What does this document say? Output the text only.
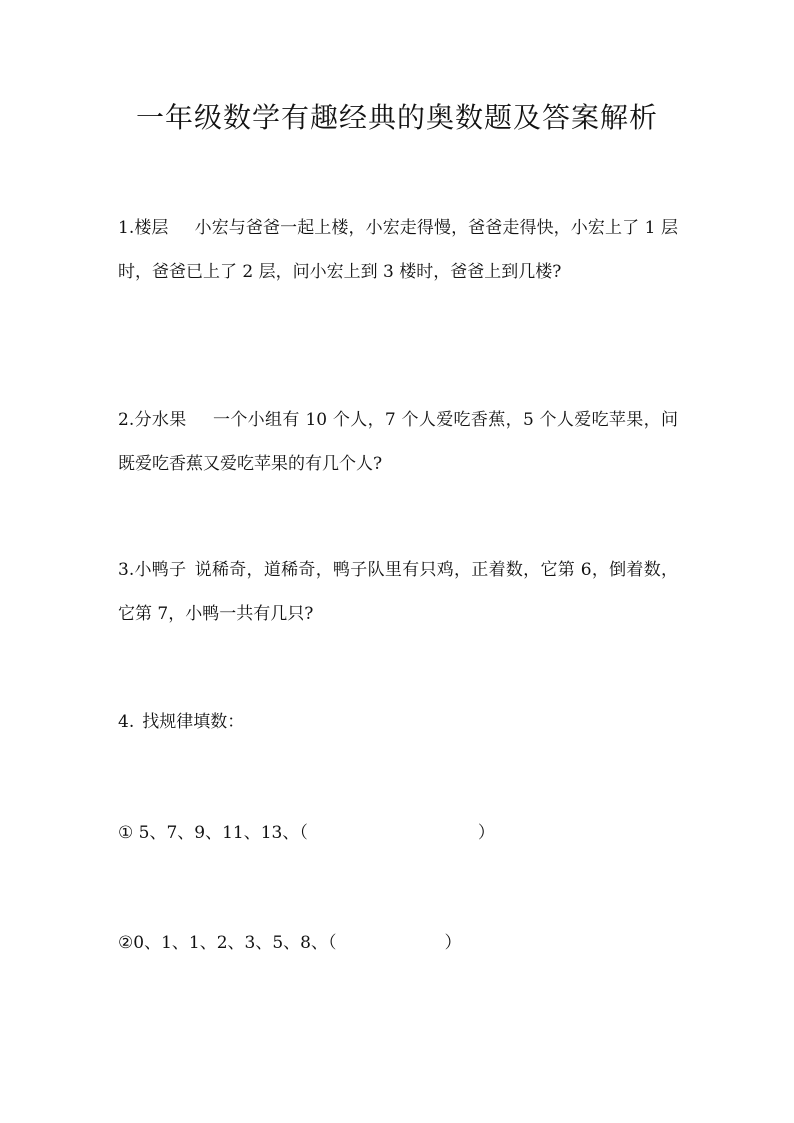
一年级数学有趣经典的奥数题及答案解析

1.楼层 小宏与爸爸一起上楼，小宏走得慢，爸爸走得快，小宏上了 1 层时，爸爸已上了 2 层，问小宏上到 3 楼时，爸爸上到几楼?

2.分水果 一个小组有 10 个人，7 个人爱吃香蕉，5 个人爱吃苹果，问既爱吃香蕉又爱吃苹果的有几个人?

3.小鸭子 说稀奇，道稀奇，鸭子队里有只鸡，正着数，它第 6，倒着数，它第 7，小鸭一共有几只?

4. 找规律填数：

① 5、7、9、11、13、（	）

②0、1、1、2、3、5、8、（	）
